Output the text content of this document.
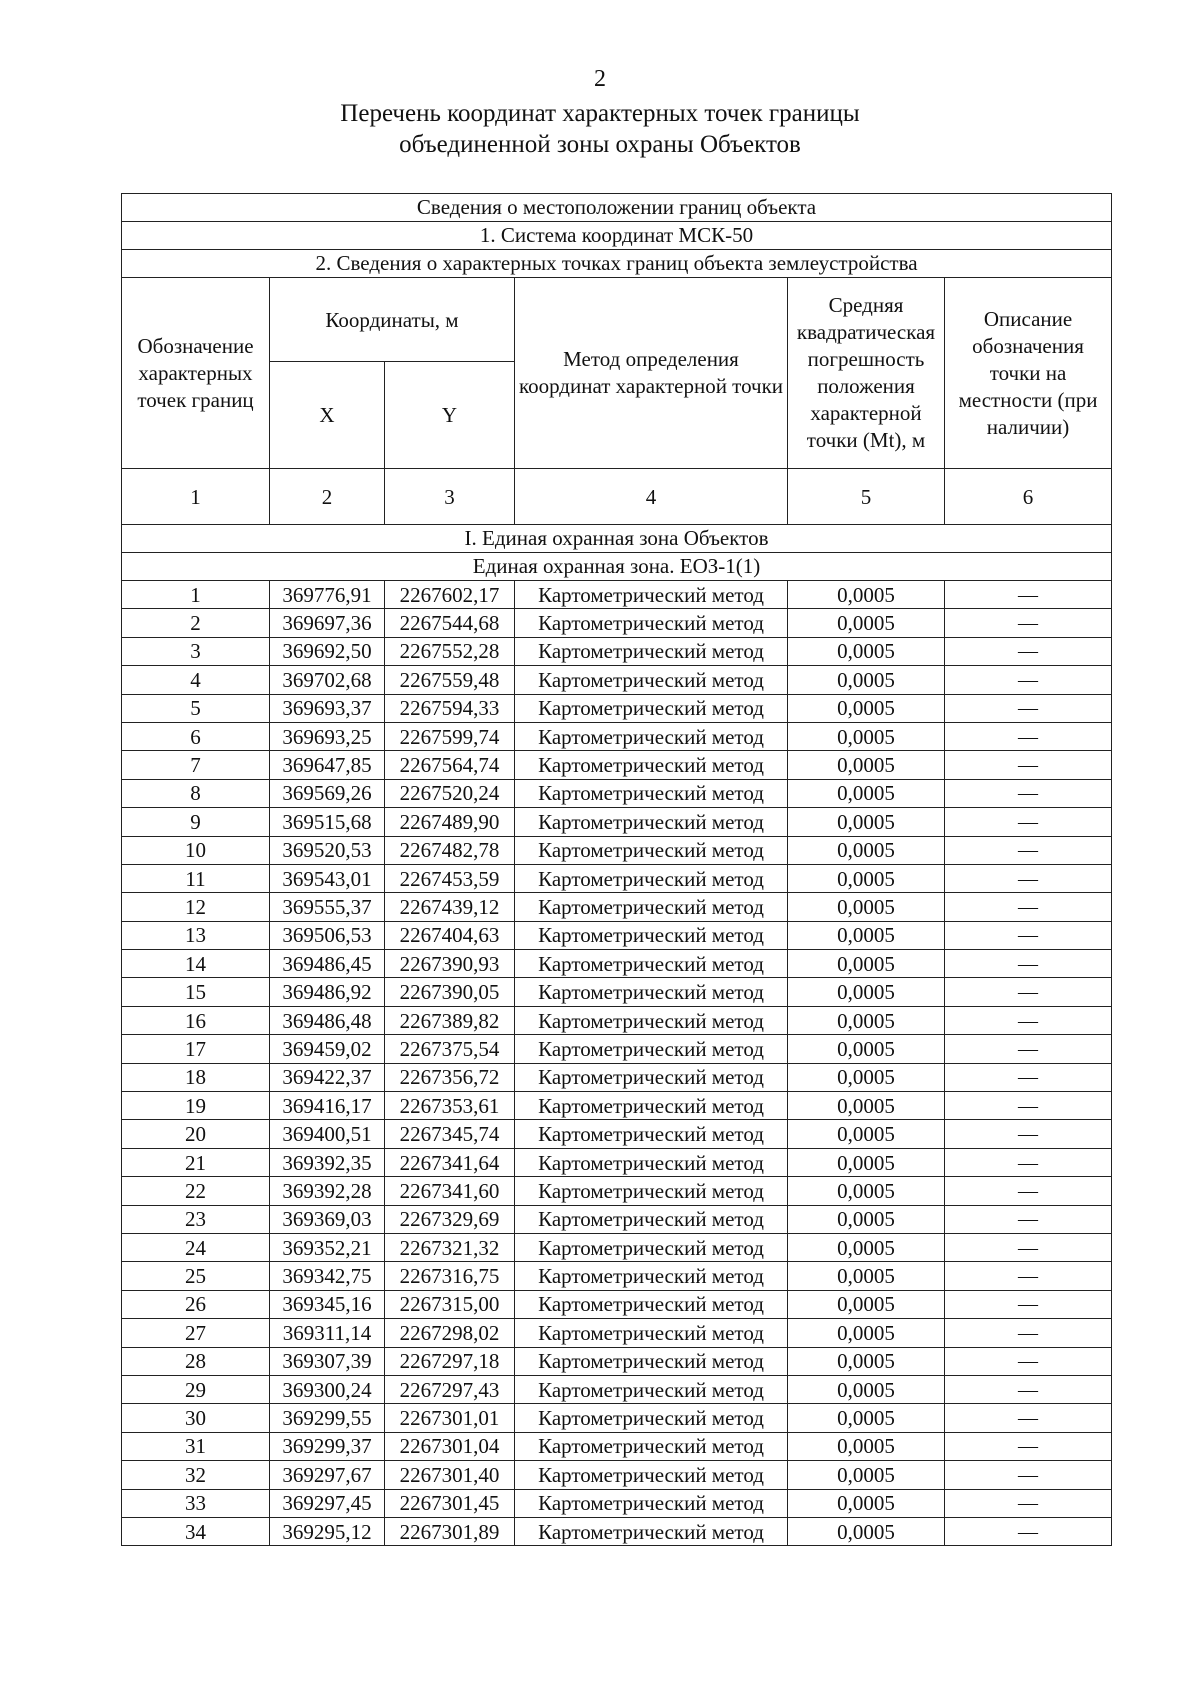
2
Перечень координат характерных точек границы
объединенной зоны охраны Объектов
Сведения о местоположении границ объекта					
1. Система координат МСК-50					
2. Сведения о характерных точках границ объекта землеустройства					
Обозначение характерных точек границ	Координаты, м		Метод определения координат характерной точки	Средняя квадратическая погрешность положения характерной точки (Mt), м	Описание обозначения точки на местности (при наличии)
	X	Y			
1	2	3	4	5	6
I. Единая охранная зона Объектов					
Единая охранная зона. ЕОЗ-1(1)					
1	369776,91	2267602,17	Картометрический метод	0,0005	—
2	369697,36	2267544,68	Картометрический метод	0,0005	—
3	369692,50	2267552,28	Картометрический метод	0,0005	—
4	369702,68	2267559,48	Картометрический метод	0,0005	—
5	369693,37	2267594,33	Картометрический метод	0,0005	—
6	369693,25	2267599,74	Картометрический метод	0,0005	—
7	369647,85	2267564,74	Картометрический метод	0,0005	—
8	369569,26	2267520,24	Картометрический метод	0,0005	—
9	369515,68	2267489,90	Картометрический метод	0,0005	—
10	369520,53	2267482,78	Картометрический метод	0,0005	—
11	369543,01	2267453,59	Картометрический метод	0,0005	—
12	369555,37	2267439,12	Картометрический метод	0,0005	—
13	369506,53	2267404,63	Картометрический метод	0,0005	—
14	369486,45	2267390,93	Картометрический метод	0,0005	—
15	369486,92	2267390,05	Картометрический метод	0,0005	—
16	369486,48	2267389,82	Картометрический метод	0,0005	—
17	369459,02	2267375,54	Картометрический метод	0,0005	—
18	369422,37	2267356,72	Картометрический метод	0,0005	—
19	369416,17	2267353,61	Картометрический метод	0,0005	—
20	369400,51	2267345,74	Картометрический метод	0,0005	—
21	369392,35	2267341,64	Картометрический метод	0,0005	—
22	369392,28	2267341,60	Картометрический метод	0,0005	—
23	369369,03	2267329,69	Картометрический метод	0,0005	—
24	369352,21	2267321,32	Картометрический метод	0,0005	—
25	369342,75	2267316,75	Картометрический метод	0,0005	—
26	369345,16	2267315,00	Картометрический метод	0,0005	—
27	369311,14	2267298,02	Картометрический метод	0,0005	—
28	369307,39	2267297,18	Картометрический метод	0,0005	—
29	369300,24	2267297,43	Картометрический метод	0,0005	—
30	369299,55	2267301,01	Картометрический метод	0,0005	—
31	369299,37	2267301,04	Картометрический метод	0,0005	—
32	369297,67	2267301,40	Картометрический метод	0,0005	—
33	369297,45	2267301,45	Картометрический метод	0,0005	—
34	369295,12	2267301,89	Картометрический метод	0,0005	—
